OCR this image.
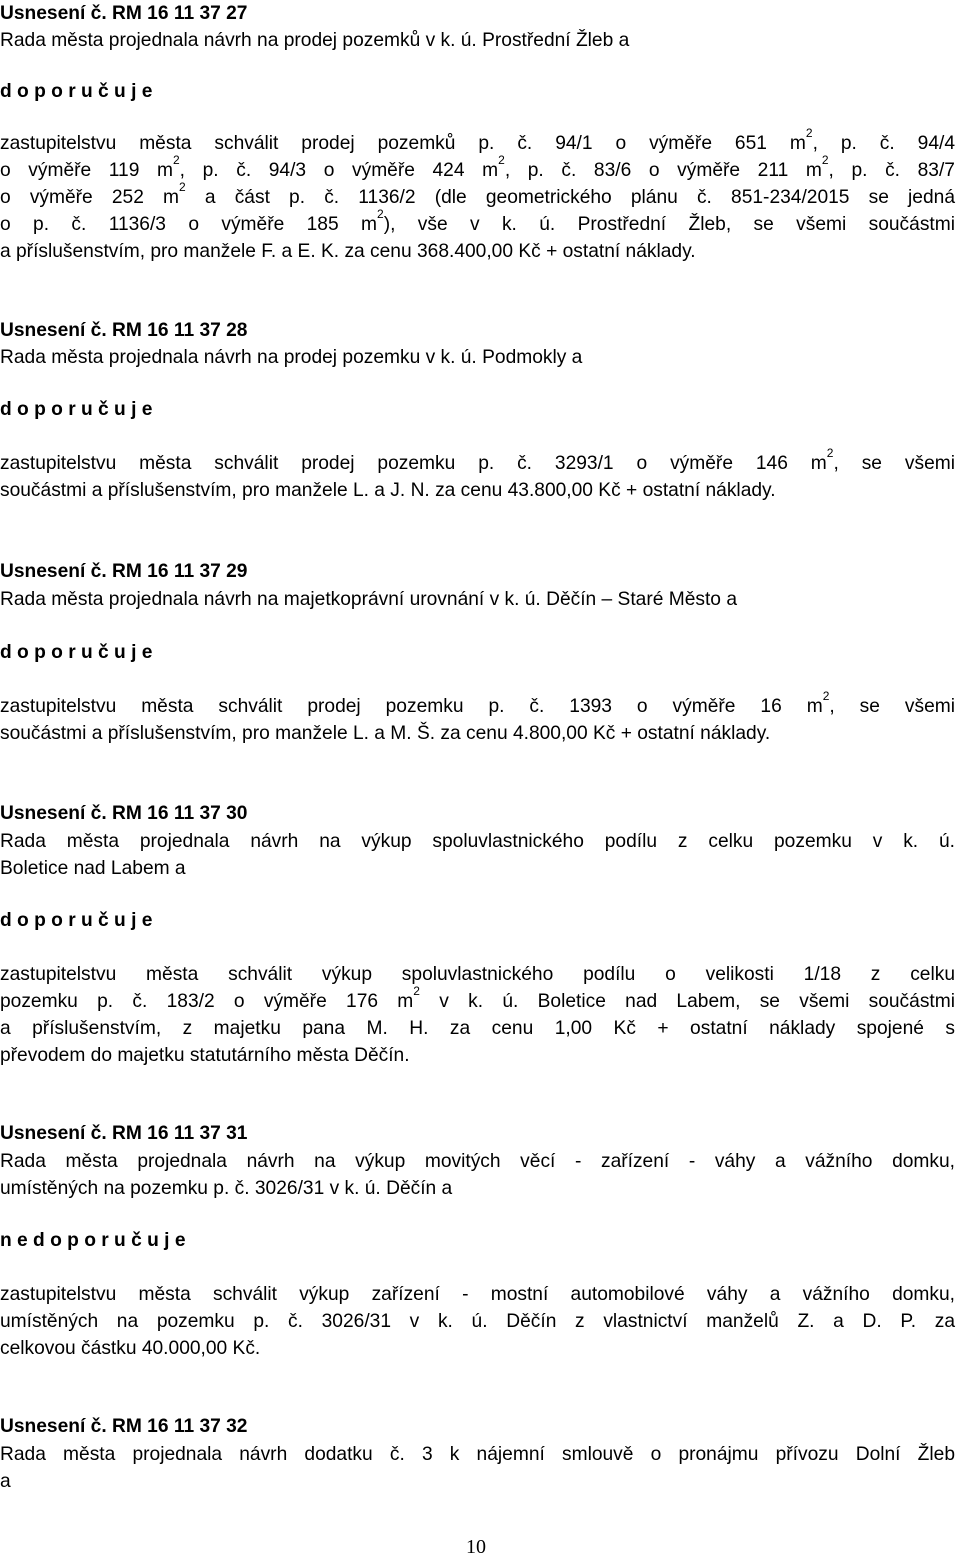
Usnesení č. RM 16 11 37 27
Rada města projednala návrh na prodej pozemků v k. ú. Prostřední Žleb a
d o p o r u č u j e
zastupitelstvu města schválit prodej pozemků p. č. 94/1 o výměře 651 $m^2$, p. č. 94/4
o výměře 119 $m^2$, p. č. 94/3 o výměře 424 $m^2$, p. č. 83/6 o výměře 211 $m^2$, p. č. 83/7
o výměře 252 $m^2$ a část p. č. 1136/2 (dle geometrického plánu č. 851-234/2015 se jedná
o p. č. 1136/3 o výměře 185 $m^2$), vše v k. ú. Prostřední Žleb, se všemi součástmi
a příslušenstvím, pro manžele F. a E. K. za cenu 368.400,00 Kč + ostatní náklady.
Usnesení č. RM 16 11 37 28
Rada města projednala návrh na prodej pozemku v k. ú. Podmokly a
d o p o r u č u j e
zastupitelstvu města schválit prodej pozemku p. č. 3293/1 o výměře 146 $m^2$, se všemi
součástmi a příslušenstvím, pro manžele L. a J. N. za cenu 43.800,00 Kč + ostatní náklady.
Usnesení č. RM 16 11 37 29
Rada města projednala návrh na majetkoprávní urovnání v k. ú. Děčín – Staré Město a
d o p o r u č u j e
zastupitelstvu města schválit prodej pozemku p. č. 1393 o výměře 16 $m^2$, se všemi
součástmi a příslušenstvím, pro manžele L. a M. Š. za cenu 4.800,00 Kč + ostatní náklady.
Usnesení č. RM 16 11 37 30
Rada města projednala návrh na výkup spoluvlastnického podílu z celku pozemku v k. ú.
Boletice nad Labem a
d o p o r u č u j e
zastupitelstvu města schválit výkup spoluvlastnického podílu o velikosti 1/18 z celku
pozemku p. č. 183/2 o výměře 176 $m^2$ v k. ú. Boletice nad Labem, se všemi součástmi
a příslušenstvím, z majetku pana M. H. za cenu 1,00 Kč + ostatní náklady spojené s
převodem do majetku statutárního města Děčín.
Usnesení č. RM 16 11 37 31
Rada města projednala návrh na výkup movitých věcí - zařízení - váhy a vážního domku,
umístěných na pozemku p. č. 3026/31 v k. ú. Děčín a
n e d o p o r u č u j e
zastupitelstvu města schválit výkup zařízení - mostní automobilové váhy a vážního domku,
umístěných na pozemku p. č. 3026/31 v k. ú. Děčín z vlastnictví manželů Z. a D. P. za
celkovou částku 40.000,00 Kč.
Usnesení č. RM 16 11 37 32
Rada města projednala návrh dodatku č. 3 k nájemní smlouvě o pronájmu přívozu Dolní Žleb
a
10
